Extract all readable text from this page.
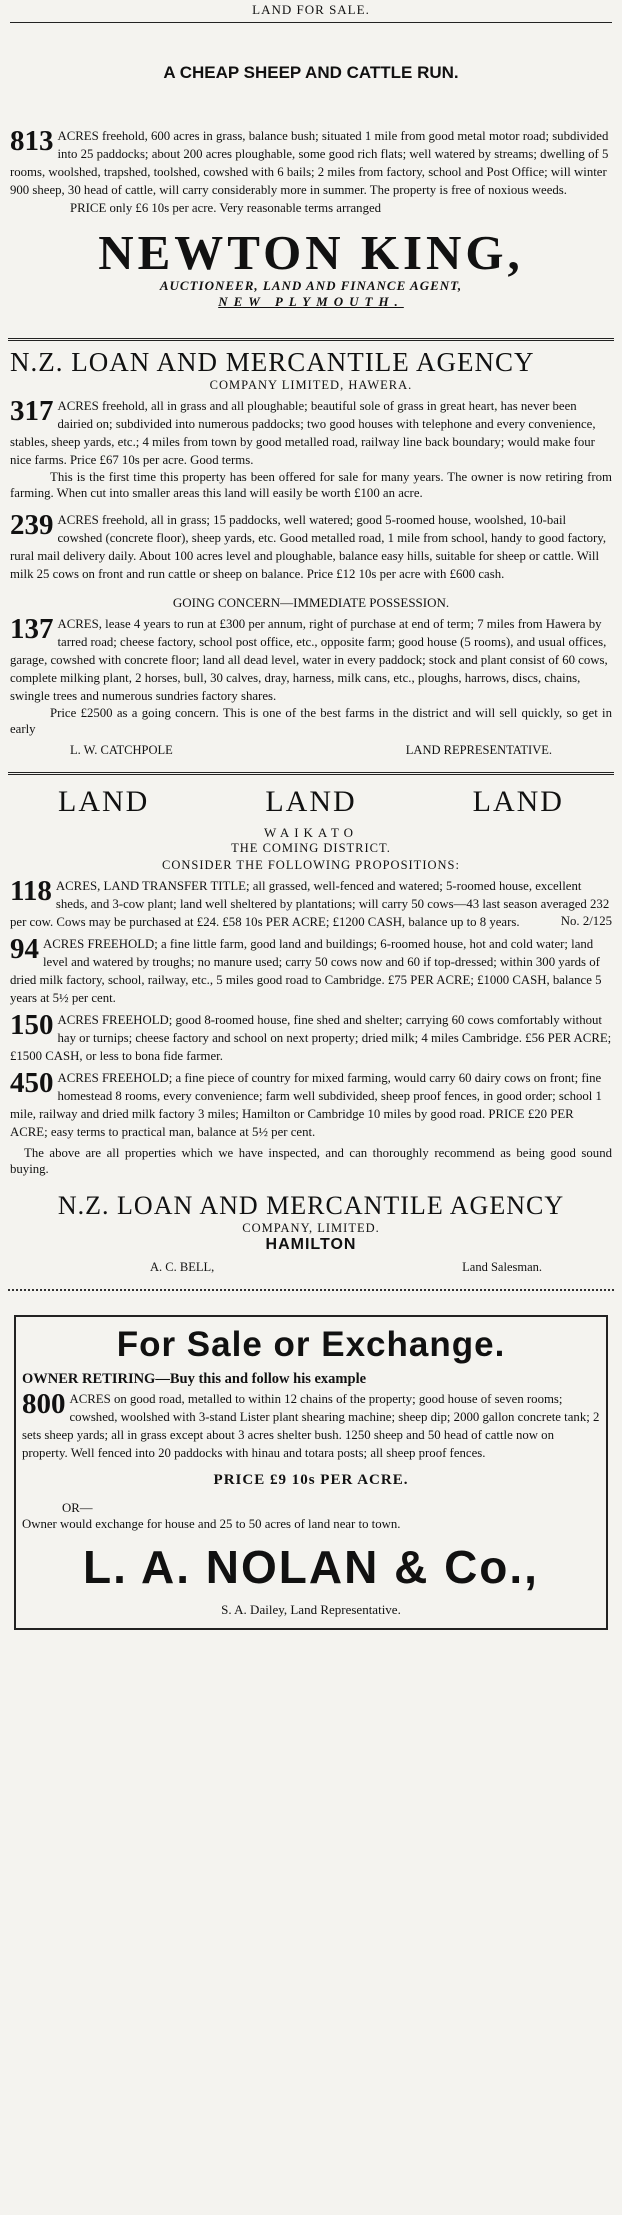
LAND FOR SALE.
A CHEAP SHEEP AND CATTLE RUN.
813 ACRES freehold, 600 acres in grass, balance bush; situated 1 mile from good metal motor road; subdivided into 25 paddocks; about 200 acres ploughable, some good rich flats; well watered by streams; dwelling of 5 rooms, woolshed, trapshed, toolshed, cowshed with 6 bails; 2 miles from factory, school and Post Office; will winter 900 sheep, 30 head of cattle, will carry considerably more in summer. The property is free of noxious weeds.
PRICE only £6 10s per acre. Very reasonable terms arranged
NEWTON KING,
AUCTIONEER, LAND AND FINANCE AGENT,
NEW PLYMOUTH.
N.Z. LOAN AND MERCANTILE AGENCY
COMPANY LIMITED, HAWERA.
317 ACRES freehold, all in grass and all ploughable; beautiful sole of grass in great heart, has never been dairied on; subdivided into numerous paddocks; two good houses with telephone and every convenience, stables, sheep yards, etc.; 4 miles from town by good metalled road, railway line back boundary; would make four nice farms. Price £67 10s per acre. Good terms.
This is the first time this property has been offered for sale for many years. The owner is now retiring from farming. When cut into smaller areas this land will easily be worth £100 an acre.
239 ACRES freehold, all in grass; 15 paddocks, well watered; good 5-roomed house, woolshed, 10-bail cowshed (concrete floor), sheep yards, etc. Good metalled road, 1 mile from school, handy to good factory, rural mail delivery daily. About 100 acres level and ploughable, balance easy hills, suitable for sheep or cattle. Will milk 25 cows on front and run cattle or sheep on balance. Price £12 10s per acre with £600 cash.
GOING CONCERN—IMMEDIATE POSSESSION.
137 ACRES, lease 4 years to run at £300 per annum, right of purchase at end of term; 7 miles from Hawera by tarred road; cheese factory, school post office, etc., opposite farm; good house (5 rooms), and usual offices, garage, cowshed with concrete floor; land all dead level, water in every paddock; stock and plant consist of 60 cows, complete milking plant, 2 horses, bull, 30 calves, dray, harness, milk cans, etc., ploughs, harrows, discs, chains, swingle trees and numerous sundries factory shares.
Price £2500 as a going concern. This is one of the best farms in the district and will sell quickly, so get in early
L. W. CATCHPOLE	LAND REPRESENTATIVE.
LAND	LAND	LAND
WAIKATO
THE COMING DISTRICT.
CONSIDER THE FOLLOWING PROPOSITIONS:
118 ACRES, LAND TRANSFER TITLE; all grassed, well-fenced and watered; 5-roomed house, excellent sheds, and 3-cow plant; land well sheltered by plantations; will carry 50 cows—43 last season averaged 232 per cow. Cows may be purchased at £24. £58 10s PER ACRE; £1200 CASH, balance up to 8 years.	No. 2/125
94 ACRES FREEHOLD; a fine little farm, good land and buildings; 6-roomed house, hot and cold water; land level and watered by troughs; no manure used; carry 50 cows now and 60 if top-dressed; within 300 yards of dried milk factory, school, railway, etc., 5 miles good road to Cambridge. £75 PER ACRE; £1000 CASH, balance 5 years at 5½ per cent.
150 ACRES FREEHOLD; good 8-roomed house, fine shed and shelter; carrying 60 cows comfortably without hay or turnips; cheese factory and school on next property; dried milk; 4 miles Cambridge. £56 PER ACRE; £1500 CASH, or less to bona fide farmer.
450 ACRES FREEHOLD; a fine piece of country for mixed farming, would carry 60 dairy cows on front; fine homestead 8 rooms, every convenience; farm well subdivided, sheep proof fences, in good order; school 1 mile, railway and dried milk factory 3 miles; Hamilton or Cambridge 10 miles by good road. PRICE £20 PER ACRE; easy terms to practical man, balance at 5½ per cent.
The above are all properties which we have inspected, and can thoroughly recommend as being good sound buying.
N.Z. LOAN AND MERCANTILE AGENCY
COMPANY, LIMITED.
HAMILTON
A. C. BELL,	Land Salesman.
For Sale or Exchange.
OWNER RETIRING—Buy this and follow his example
800 ACRES on good road, metalled to within 12 chains of the property; good house of seven rooms; cowshed, woolshed with 3-stand Lister plant shearing machine; sheep dip; 2000 gallon concrete tank; 2 sets sheep yards; all in grass except about 3 acres shelter bush. 1250 sheep and 50 head of cattle now on property. Well fenced into 20 paddocks with hinau and totara posts; all sheep proof fences.
PRICE £9 10s PER ACRE.
OR—
Owner would exchange for house and 25 to 50 acres of land near to town.
L. A. NOLAN & Co.,
S. A. Dailey, Land Representative.
